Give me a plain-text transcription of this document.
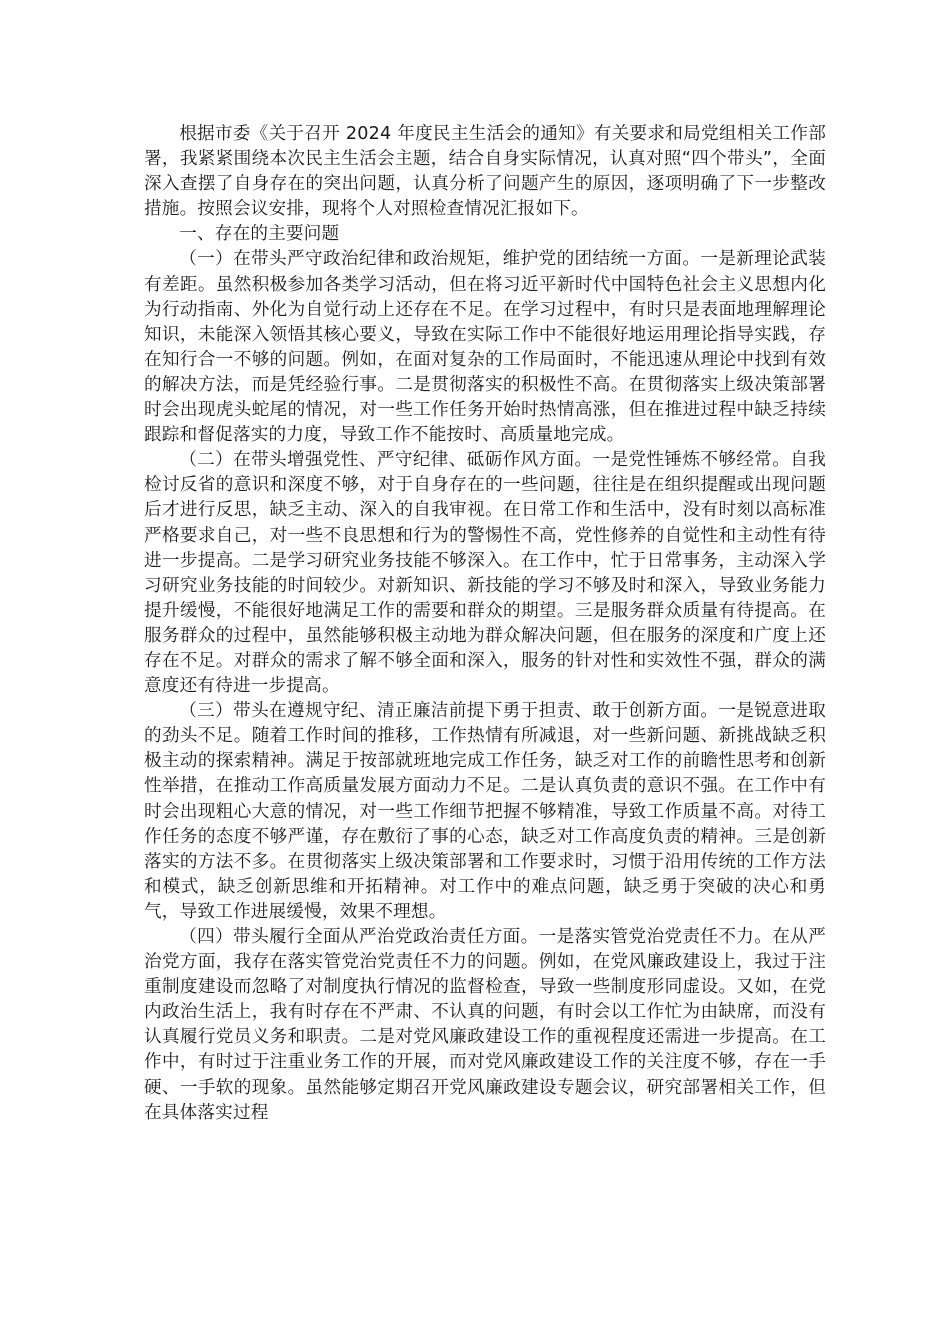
根据市委《关于召开 2024 年度民主生活会的通知》有关要求和局党组相关工作部署，我紧紧围绕本次民主生活会主题，结合自身实际情况，认真对照“四个带头”，全面深入查摆了自身存在的突出问题，认真分析了问题产生的原因，逐项明确了下一步整改措施。按照会议安排，现将个人对照检查情况汇报如下。

一、存在的主要问题

（一）在带头严守政治纪律和政治规矩，维护党的团结统一方面。一是新理论武装有差距。虽然积极参加各类学习活动，但在将习近平新时代中国特色社会主义思想内化为行动指南、外化为自觉行动上还存在不足。在学习过程中，有时只是表面地理解理论知识，未能深入领悟其核心要义，导致在实际工作中不能很好地运用理论指导实践，存在知行合一不够的问题。例如，在面对复杂的工作局面时，不能迅速从理论中找到有效的解决方法，而是凭经验行事。二是贯彻落实的积极性不高。在贯彻落实上级决策部署时会出现虎头蛇尾的情况，对一些工作任务开始时热情高涨，但在推进过程中缺乏持续跟踪和督促落实的力度，导致工作不能按时、高质量地完成。

（二）在带头增强党性、严守纪律、砥砺作风方面。一是党性锤炼不够经常。自我检讨反省的意识和深度不够，对于自身存在的一些问题，往往是在组织提醒或出现问题后才进行反思，缺乏主动、深入的自我审视。在日常工作和生活中，没有时刻以高标准严格要求自己，对一些不良思想和行为的警惕性不高，党性修养的自觉性和主动性有待进一步提高。二是学习研究业务技能不够深入。在工作中，忙于日常事务，主动深入学习研究业务技能的时间较少。对新知识、新技能的学习不够及时和深入，导致业务能力提升缓慢，不能很好地满足工作的需要和群众的期望。三是服务群众质量有待提高。在服务群众的过程中，虽然能够积极主动地为群众解决问题，但在服务的深度和广度上还存在不足。对群众的需求了解不够全面和深入，服务的针对性和实效性不强，群众的满意度还有待进一步提高。

（三）带头在遵规守纪、清正廉洁前提下勇于担责、敢于创新方面。一是锐意进取的劲头不足。随着工作时间的推移，工作热情有所减退，对一些新问题、新挑战缺乏积极主动的探索精神。满足于按部就班地完成工作任务，缺乏对工作的前瞻性思考和创新性举措，在推动工作高质量发展方面动力不足。二是认真负责的意识不强。在工作中有时会出现粗心大意的情况，对一些工作细节把握不够精准，导致工作质量不高。对待工作任务的态度不够严谨，存在敷衍了事的心态，缺乏对工作高度负责的精神。三是创新落实的方法不多。在贯彻落实上级决策部署和工作要求时，习惯于沿用传统的工作方法和模式，缺乏创新思维和开拓精神。对工作中的难点问题，缺乏勇于突破的决心和勇气，导致工作进展缓慢，效果不理想。

（四）带头履行全面从严治党政治责任方面。一是落实管党治党责任不力。在从严治党方面，我存在落实管党治党责任不力的问题。例如，在党风廉政建设上，我过于注重制度建设而忽略了对制度执行情况的监督检查，导致一些制度形同虚设。又如，在党内政治生活上，我有时存在不严肃、不认真的问题，有时会以工作忙为由缺席，而没有认真履行党员义务和职责。二是对党风廉政建设工作的重视程度还需进一步提高。在工作中，有时过于注重业务工作的开展，而对党风廉政建设工作的关注度不够，存在一手硬、一手软的现象。虽然能够定期召开党风廉政建设专题会议，研究部署相关工作，但在具体落实过程
